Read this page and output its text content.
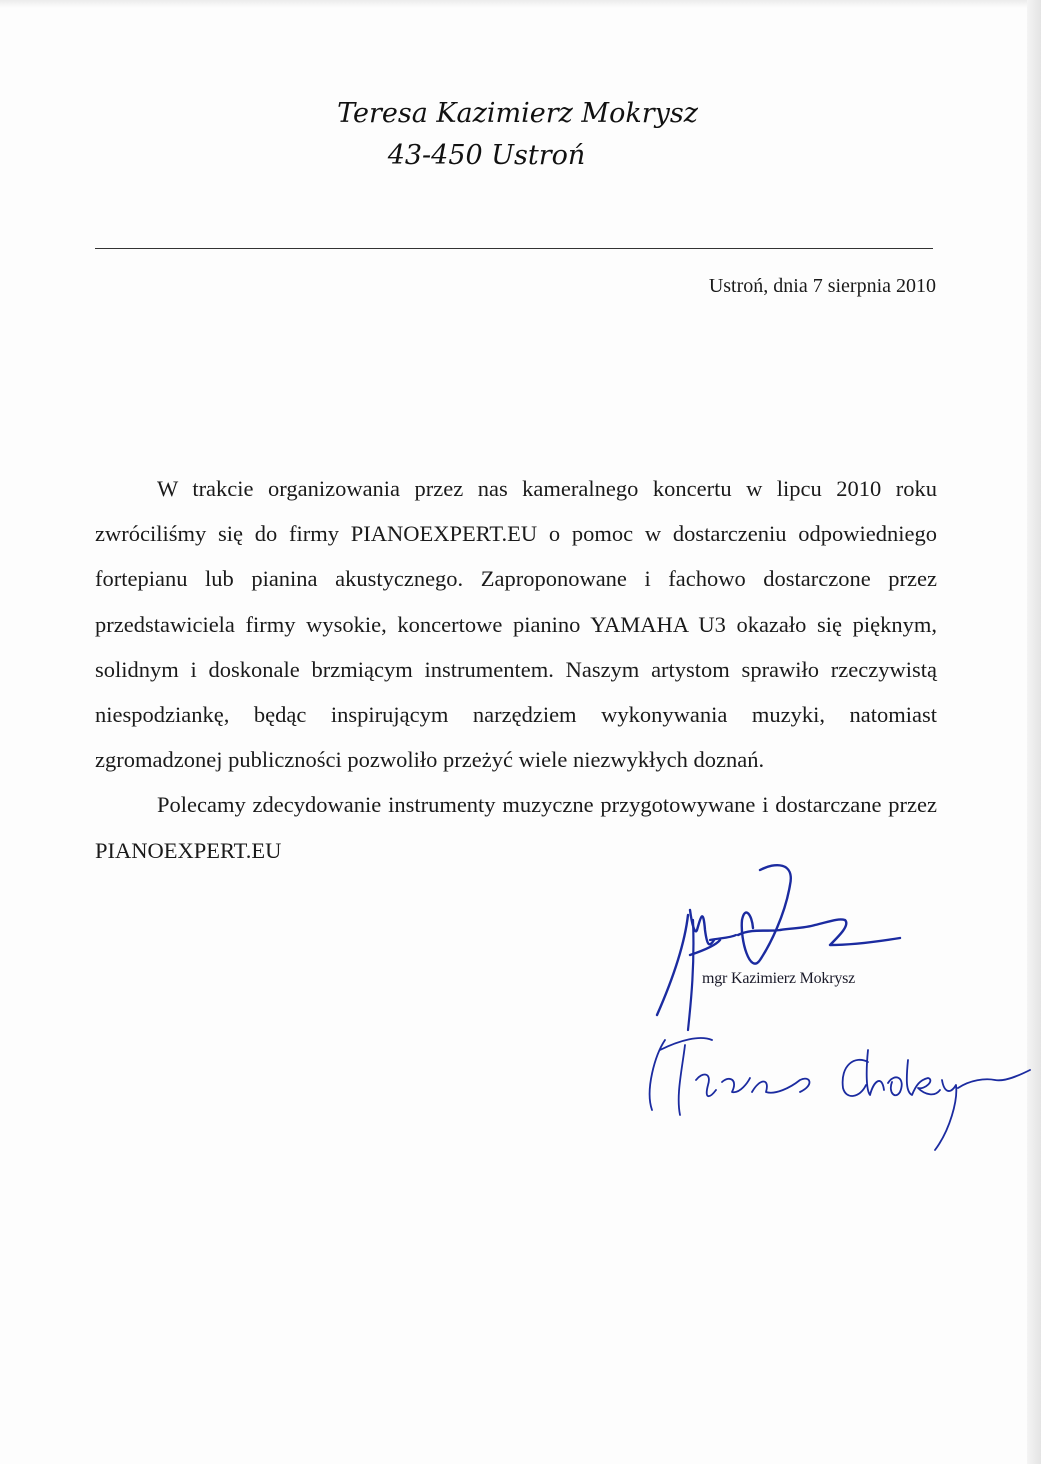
Teresa Kazimierz Mokrysz
43-450 Ustroń
Ustroń, dnia 7 sierpnia 2010

W trakcie organizowania przez nas kameralnego koncertu w lipcu 2010 roku zwróciliśmy się do firmy PIANOEXPERT.EU o pomoc w dostarczeniu odpowiedniego fortepianu lub pianina akustycznego. Zaproponowane i fachowo dostarczone przez przedstawiciela firmy wysokie, koncertowe pianino YAMAHA U3 okazało się pięknym, solidnym i doskonale brzmiącym instrumentem. Naszym artystom sprawiło rzeczywistą niespodziankę, będąc inspirującym narzędziem wykonywania muzyki, natomiast zgromadzonej publiczności pozwoliło przeżyć wiele niezwykłych doznań.

Polecamy zdecydowanie instrumenty muzyczne przygotowywane i dostarczane przez PIANOEXPERT.EU

mgr Kazimierz Mokrysz
